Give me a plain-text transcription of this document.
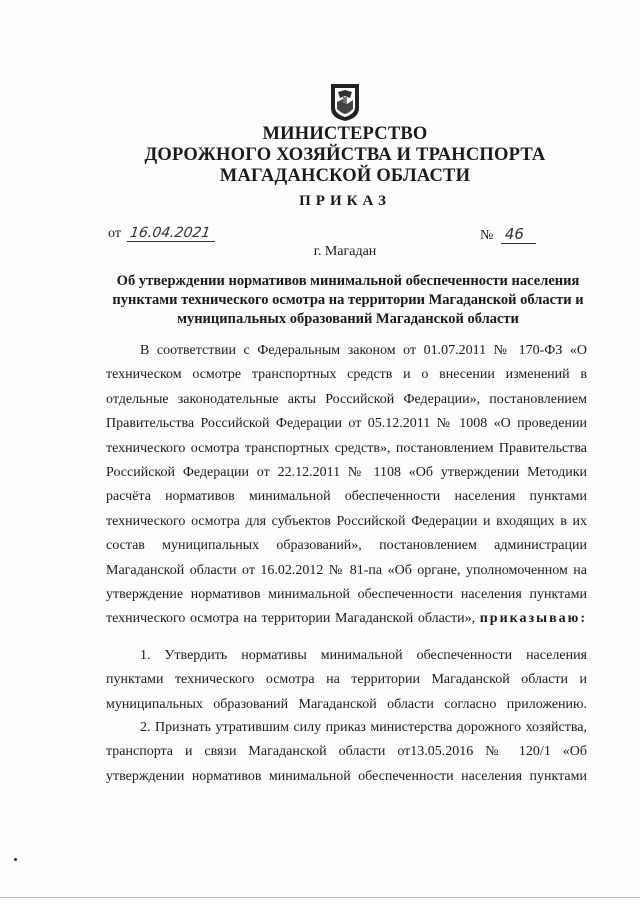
МИНИСТЕРСТВО
ДОРОЖНОГО ХОЗЯЙСТВА И ТРАНСПОРТА
МАГАДАНСКОЙ ОБЛАСТИ
ПРИКАЗ
от 16.04.2021	№ 46
г. Магадан
Об утверждении нормативов минимальной обеспеченности населения
пунктами технического осмотра на территории Магаданской области и
муниципальных образований Магаданской области
В соответствии с Федеральным законом от 01.07.2011 № 170-ФЗ «О техническом осмотре транспортных средств и о внесении изменений в отдельные законодательные акты Российской Федерации», постановлением Правительства Российской Федерации от 05.12.2011 № 1008 «О проведении технического осмотра транспортных средств», постановлением Правительства Российской Федерации от 22.12.2011 № 1108 «Об утверждении Методики расчёта нормативов минимальной обеспеченности населения пунктами технического осмотра для субъектов Российской Федерации и входящих в их состав муниципальных образований», постановлением администрации Магаданской области от 16.02.2012 № 81-па «Об органе, уполномоченном на утверждение нормативов минимальной обеспеченности населения пунктами технического осмотра на территории Магаданской области», приказываю:
1. Утвердить нормативы минимальной обеспеченности населения пунктами технического осмотра на территории Магаданской области и муниципальных образований Магаданской области согласно приложению.
2. Признать утратившим силу приказ министерства дорожного хозяйства, транспорта и связи Магаданской области от13.05.2016 № 120/1 «Об утверждении нормативов минимальной обеспеченности населения пунктами
